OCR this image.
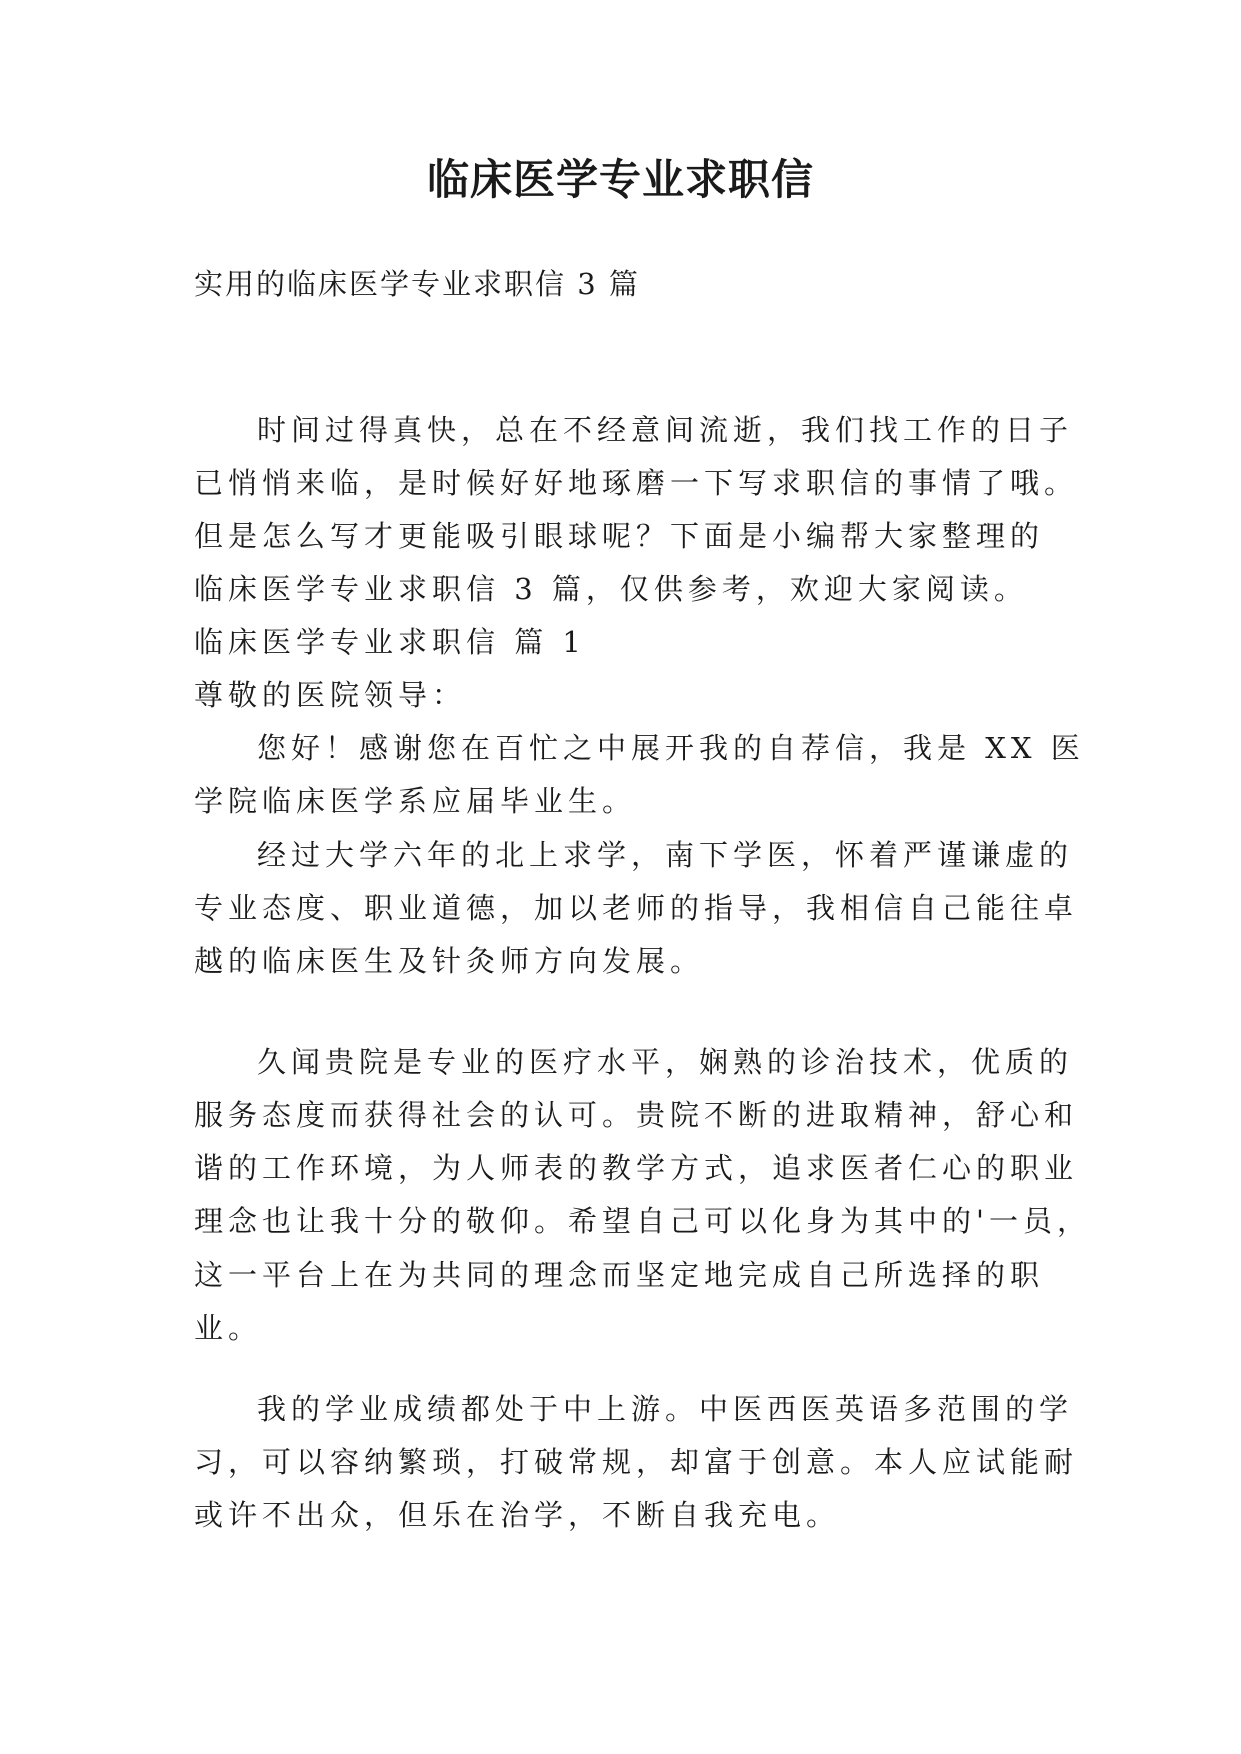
临床医学专业求职信

实用的临床医学专业求职信 3 篇

时间过得真快，总在不经意间流逝，我们找工作的日子

已悄悄来临，是时候好好地琢磨一下写求职信的事情了哦。

但是怎么写才更能吸引眼球呢？下面是小编帮大家整理的

临床医学专业求职信 3 篇，仅供参考，欢迎大家阅读。

临床医学专业求职信 篇 1

尊敬的医院领导：

您好！感谢您在百忙之中展开我的自荐信，我是 XX 医

学院临床医学系应届毕业生。

经过大学六年的北上求学，南下学医，怀着严谨谦虚的

专业态度、职业道德，加以老师的指导，我相信自己能往卓

越的临床医生及针灸师方向发展。

久闻贵院是专业的医疗水平，娴熟的诊治技术，优质的

服务态度而获得社会的认可。贵院不断的进取精神，舒心和

谐的工作环境，为人师表的教学方式，追求医者仁心的职业

理念也让我十分的敬仰。希望自己可以化身为其中的'一员，

这一平台上在为共同的理念而坚定地完成自己所选择的职

业。

我的学业成绩都处于中上游。中医西医英语多范围的学

习，可以容纳繁琐，打破常规，却富于创意。本人应试能耐

或许不出众，但乐在治学，不断自我充电。
